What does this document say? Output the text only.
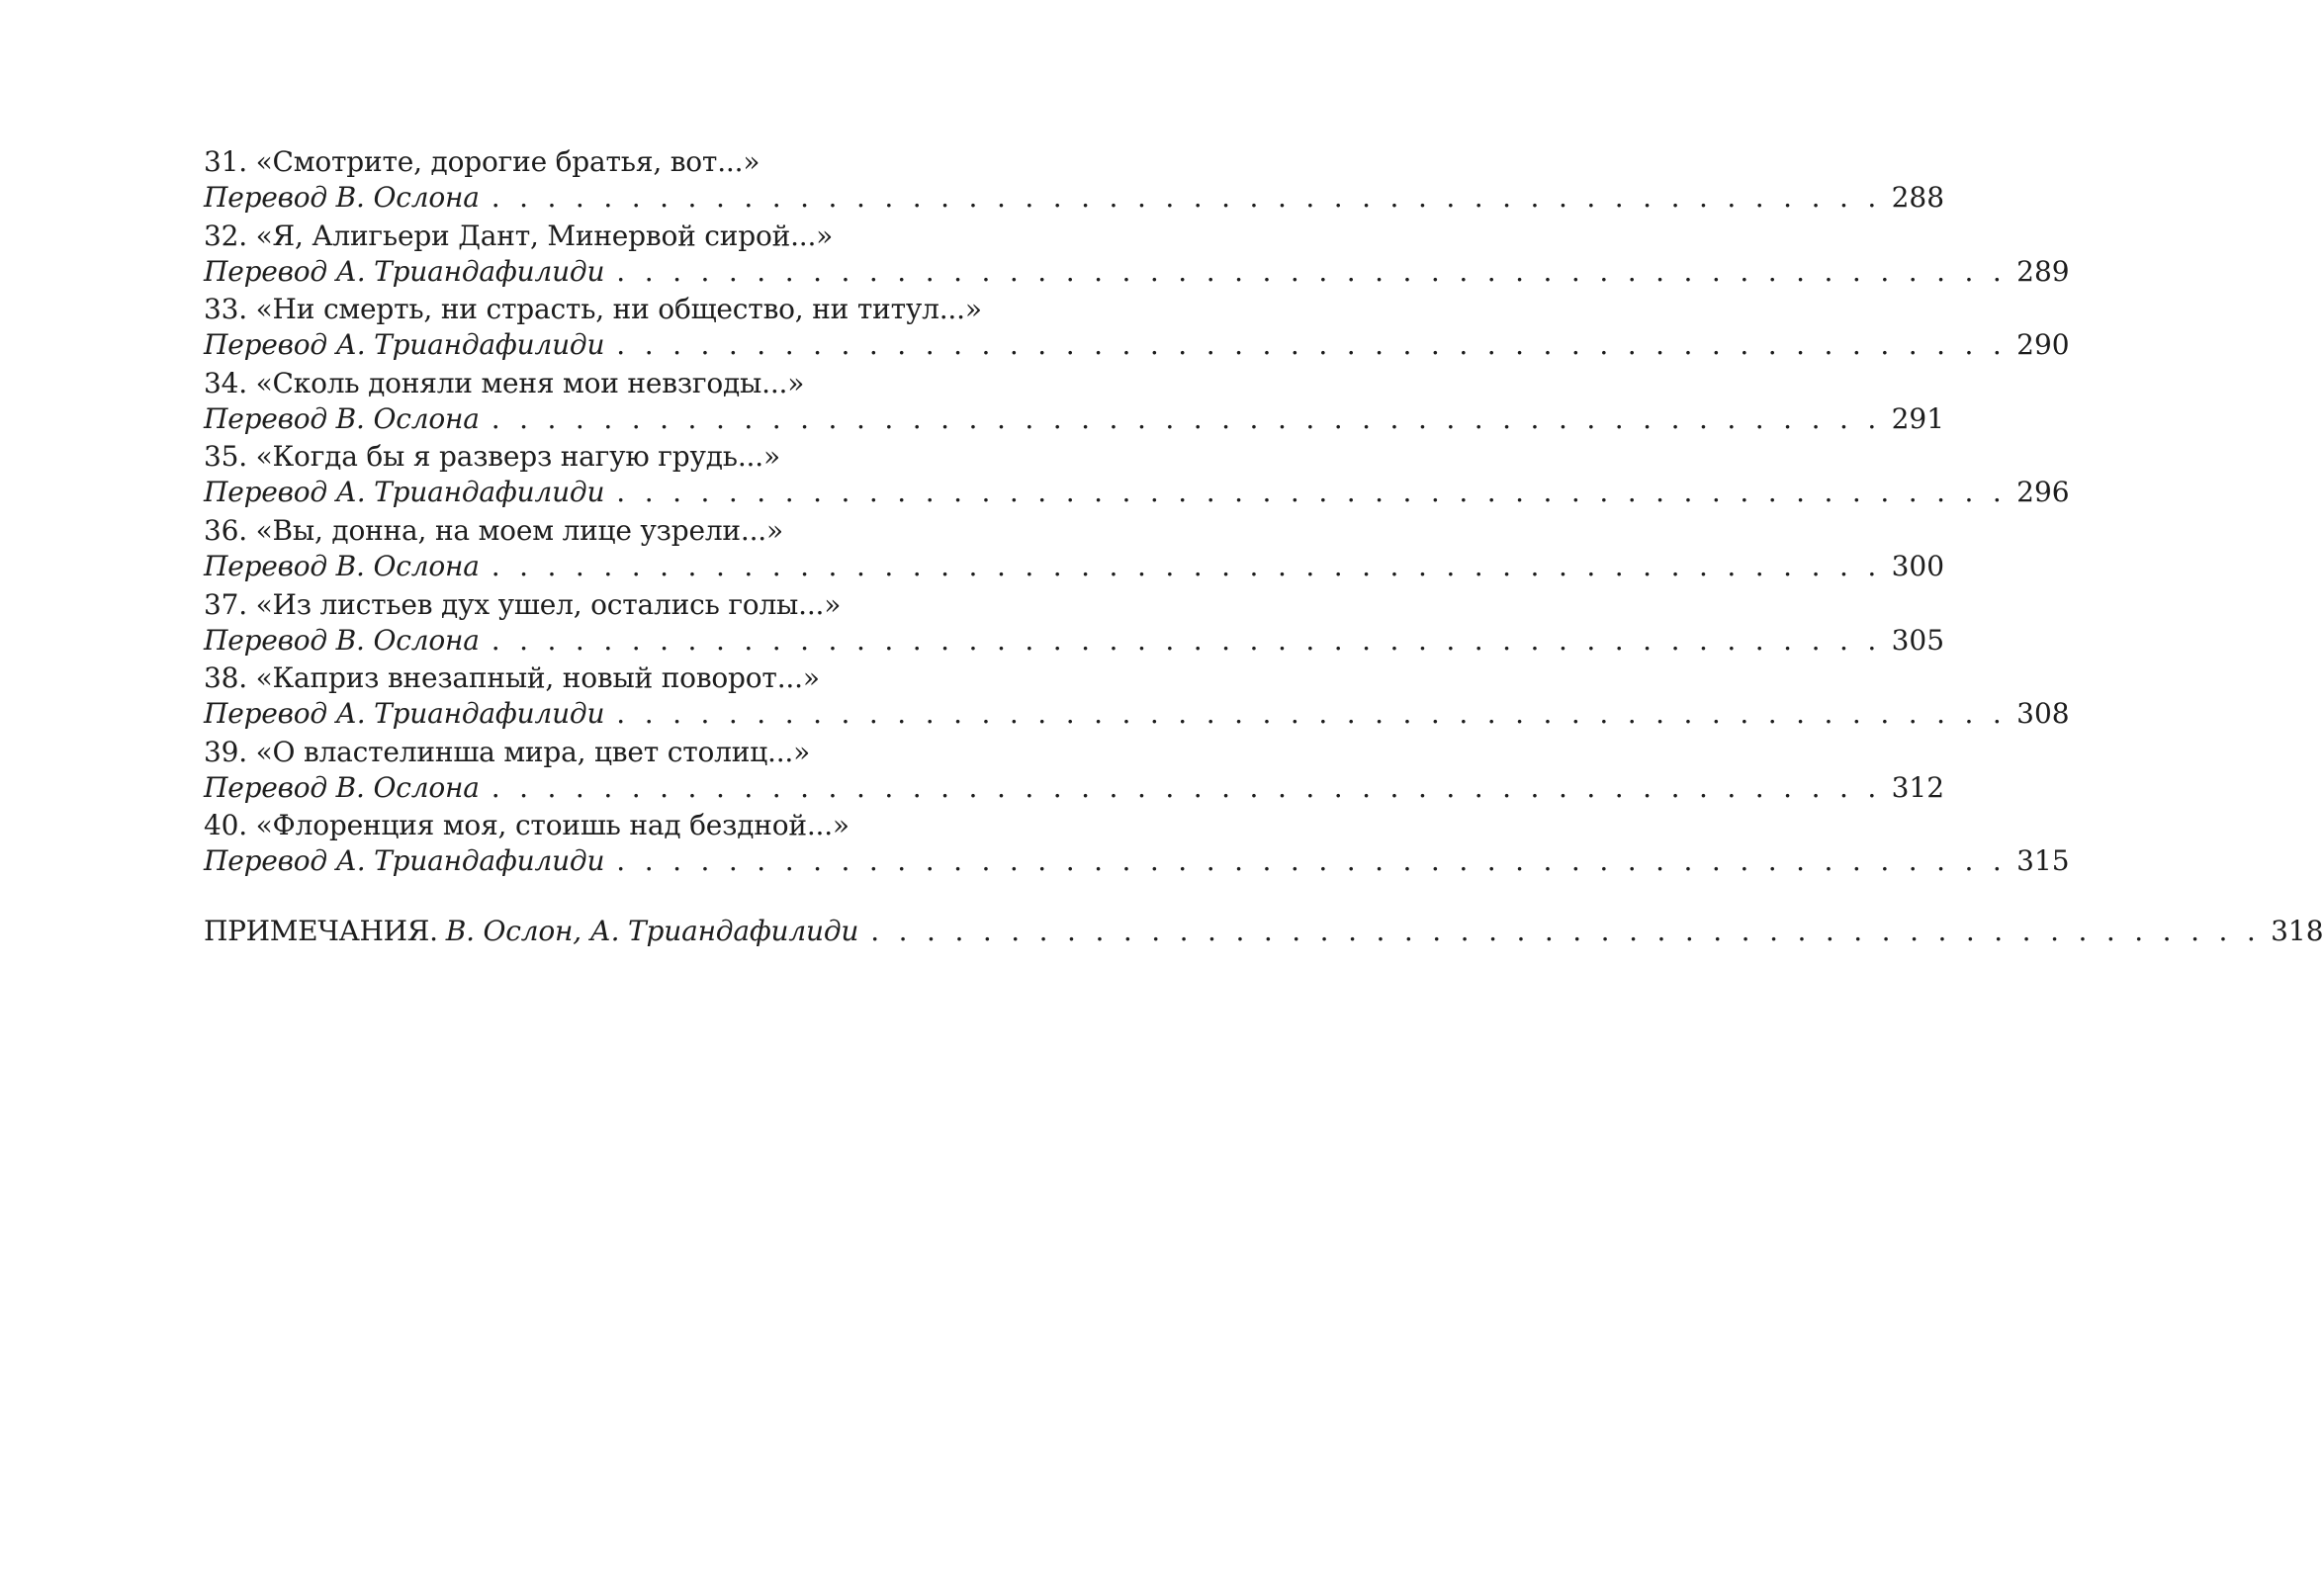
31. «Смотрите, дорогие братья, вот...»
Перевод В. Ослона . . . . . . . . . . . . . . . . . . . . . . . . . . . . . . . . . . . . . . . . . . . . . . . . . . 288
32. «Я, Алигьери Дант, Минервой сирой...»
Перевод А. Триандафилиди . . . . . . . . . . . . . . . . . . . . . . . . . . . . . . . . . . . . . . . . . . . . . . . . . . 289
33. «Ни смерть, ни страсть, ни общество, ни титул...»
Перевод А. Триандафилиди . . . . . . . . . . . . . . . . . . . . . . . . . . . . . . . . . . . . . . . . . . . . . . . . . . 290
34. «Сколь доняли меня мои невзгоды...»
Перевод В. Ослона . . . . . . . . . . . . . . . . . . . . . . . . . . . . . . . . . . . . . . . . . . . . . . . . . . 291
35. «Когда бы я разверз нагую грудь...»
Перевод А. Триандафилиди . . . . . . . . . . . . . . . . . . . . . . . . . . . . . . . . . . . . . . . . . . . . . . . . . . 296
36. «Вы, донна, на моем лице узрели...»
Перевод В. Ослона . . . . . . . . . . . . . . . . . . . . . . . . . . . . . . . . . . . . . . . . . . . . . . . . . . 300
37. «Из листьев дух ушел, остались голы...»
Перевод В. Ослона . . . . . . . . . . . . . . . . . . . . . . . . . . . . . . . . . . . . . . . . . . . . . . . . . . 305
38. «Каприз внезапный, новый поворот...»
Перевод А. Триандафилиди . . . . . . . . . . . . . . . . . . . . . . . . . . . . . . . . . . . . . . . . . . . . . . . . . . 308
39. «О властелинша мира, цвет столиц...»
Перевод В. Ослона . . . . . . . . . . . . . . . . . . . . . . . . . . . . . . . . . . . . . . . . . . . . . . . . . . 312
40. «Флоренция моя, стоишь над бездной...»
Перевод А. Триандафилиди . . . . . . . . . . . . . . . . . . . . . . . . . . . . . . . . . . . . . . . . . . . . . . . . . . 315
ПРИМЕЧАНИЯ. В. Ослон, А. Триандафилиди . . . . . . . . . . . . . . . . . . . . . . . . . . . . . . . . . . . . . . . . . . . . . . . . . . 318
